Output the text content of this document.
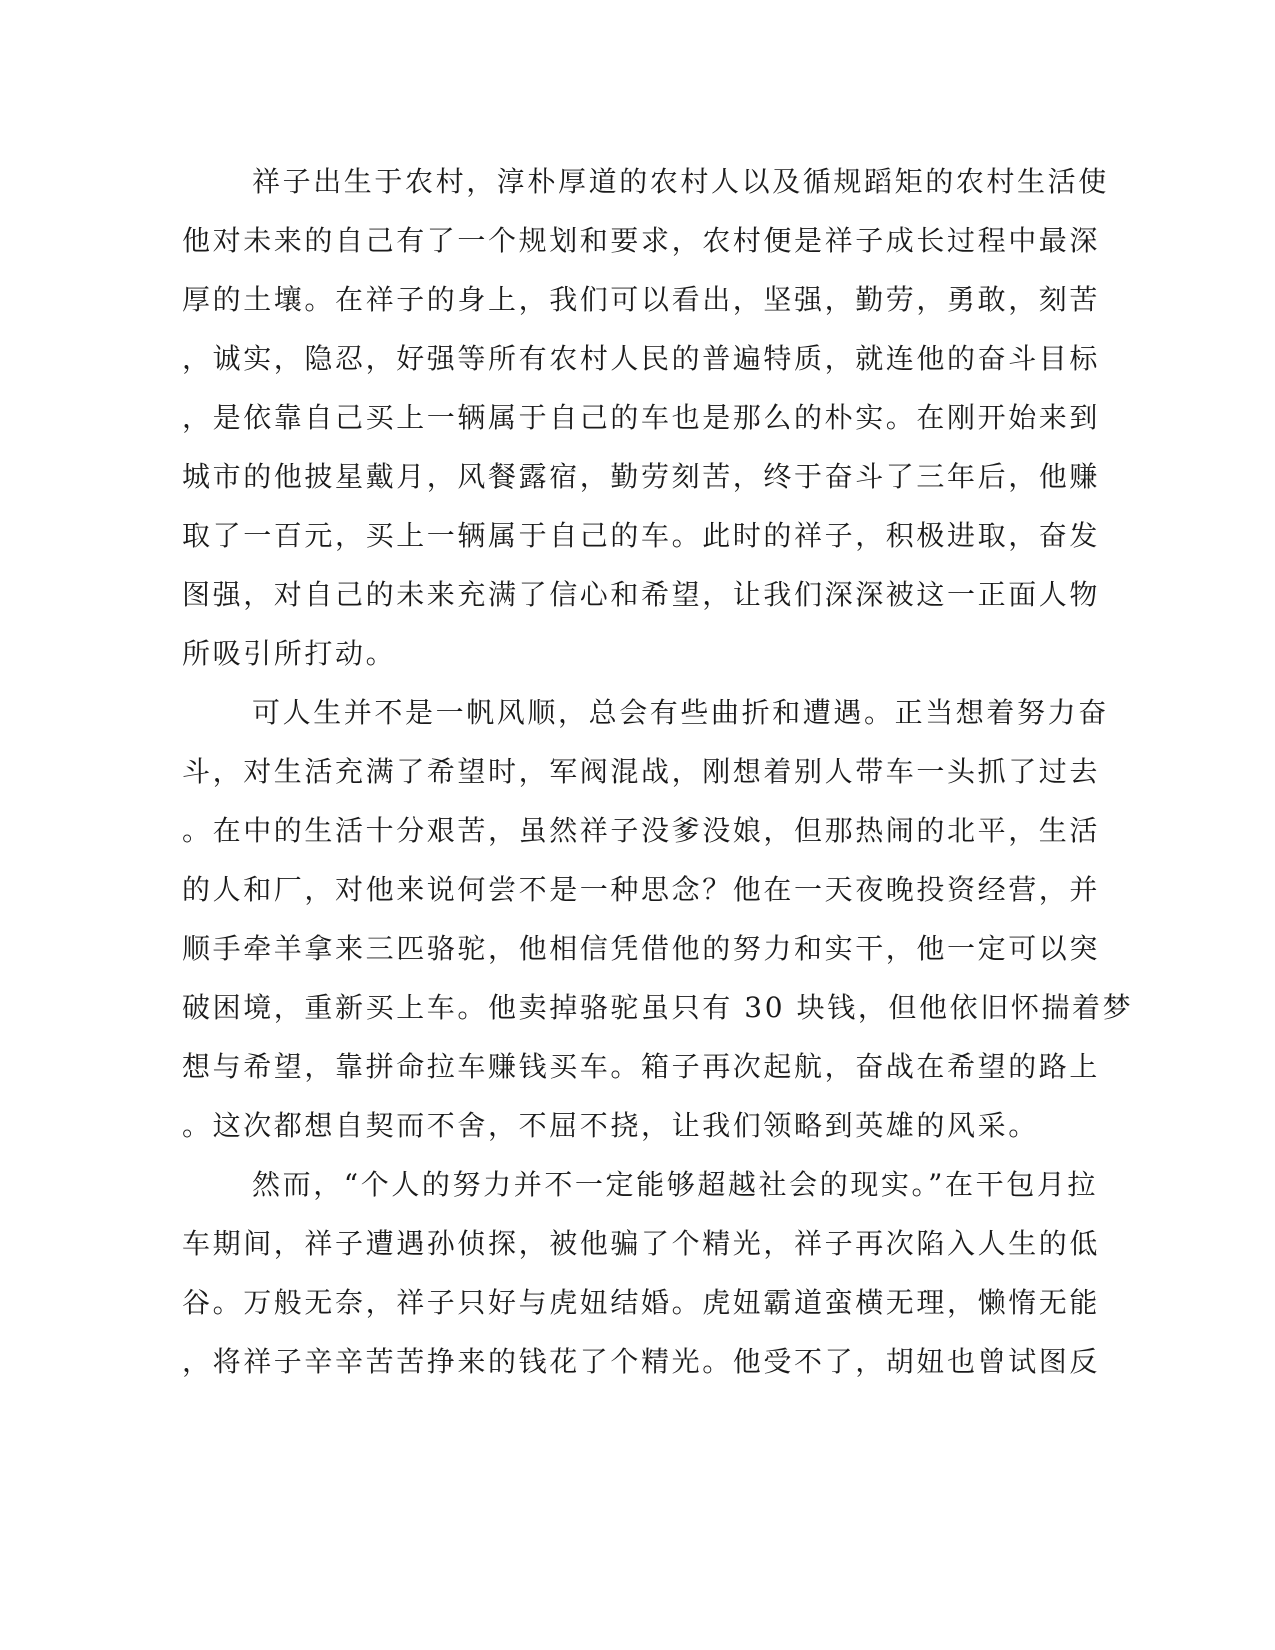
祥子出生于农村，淳朴厚道的农村人以及循规蹈矩的农村生活使
他对未来的自己有了一个规划和要求，农村便是祥子成长过程中最深
厚的土壤。在祥子的身上，我们可以看出，坚强，勤劳，勇敢，刻苦
，诚实，隐忍，好强等所有农村人民的普遍特质，就连他的奋斗目标
，是依靠自己买上一辆属于自己的车也是那么的朴实。在刚开始来到
城市的他披星戴月，风餐露宿，勤劳刻苦，终于奋斗了三年后，他赚
取了一百元，买上一辆属于自己的车。此时的祥子，积极进取，奋发
图强，对自己的未来充满了信心和希望，让我们深深被这一正面人物
所吸引所打动。
可人生并不是一帆风顺，总会有些曲折和遭遇。正当想着努力奋
斗，对生活充满了希望时，军阀混战，刚想着别人带车一头抓了过去
。在中的生活十分艰苦，虽然祥子没爹没娘，但那热闹的北平，生活
的人和厂，对他来说何尝不是一种思念？他在一天夜晚投资经营，并
顺手牵羊拿来三匹骆驼，他相信凭借他的努力和实干，他一定可以突
破困境，重新买上车。他卖掉骆驼虽只有 30 块钱，但他依旧怀揣着梦
想与希望，靠拼命拉车赚钱买车。箱子再次起航，奋战在希望的路上
。这次都想自契而不舍，不屈不挠，让我们领略到英雄的风采。
然而，“个人的努力并不一定能够超越社会的现实。”在干包月拉
车期间，祥子遭遇孙侦探，被他骗了个精光，祥子再次陷入人生的低
谷。万般无奈，祥子只好与虎妞结婚。虎妞霸道蛮横无理，懒惰无能
，将祥子辛辛苦苦挣来的钱花了个精光。他受不了，胡妞也曾试图反
